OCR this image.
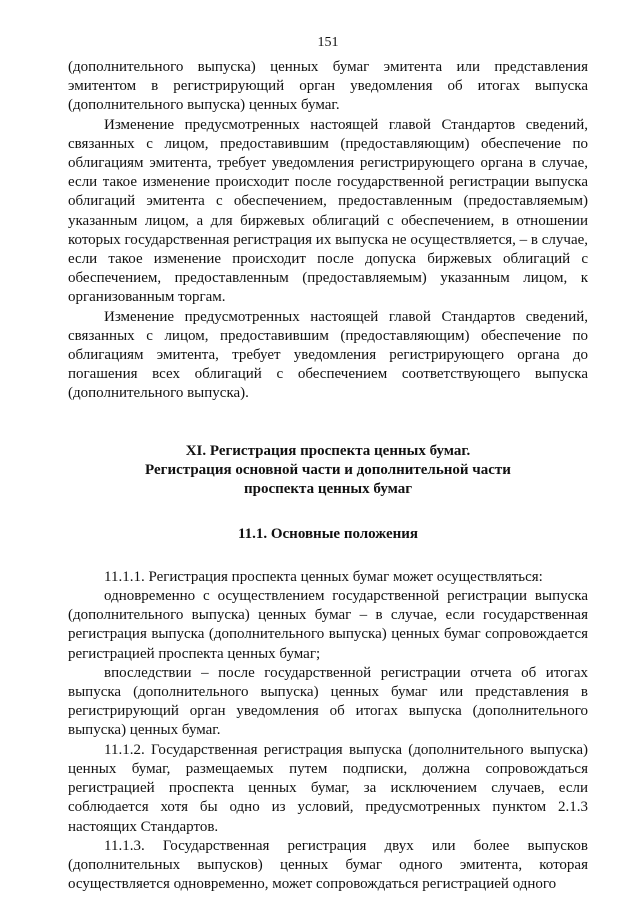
151

(дополнительного выпуска) ценных бумаг эмитента или представления эмитентом в регистрирующий орган уведомления об итогах выпуска (дополнительного выпуска) ценных бумаг.

Изменение предусмотренных настоящей главой Стандартов сведений, связанных с лицом, предоставившим (предоставляющим) обеспечение по облигациям эмитента, требует уведомления регистрирующего органа в случае, если такое изменение происходит после государственной регистрации выпуска облигаций эмитента с обеспечением, предоставленным (предоставляемым) указанным лицом, а для биржевых облигаций с обеспечением, в отношении которых государственная регистрация их выпуска не осуществляется, – в случае, если такое изменение происходит после допуска биржевых облигаций с обеспечением, предоставленным (предоставляемым) указанным лицом, к организованным торгам.

Изменение предусмотренных настоящей главой Стандартов сведений, связанных с лицом, предоставившим (предоставляющим) обеспечение по облигациям эмитента, требует уведомления регистрирующего органа до погашения всех облигаций с обеспечением соответствующего выпуска (дополнительного выпуска).

XI. Регистрация проспекта ценных бумаг.

Регистрация основной части и дополнительной части

проспекта ценных бумаг

11.1. Основные положения

11.1.1. Регистрация проспекта ценных бумаг может осуществляться:

одновременно с осуществлением государственной регистрации выпуска (дополнительного выпуска) ценных бумаг – в случае, если государственная регистрация выпуска (дополнительного выпуска) ценных бумаг сопровождается регистрацией проспекта ценных бумаг;

впоследствии – после государственной регистрации отчета об итогах выпуска (дополнительного выпуска) ценных бумаг или представления в регистрирующий орган уведомления об итогах выпуска (дополнительного выпуска) ценных бумаг.

11.1.2. Государственная регистрация выпуска (дополнительного выпуска) ценных бумаг, размещаемых путем подписки, должна сопровождаться регистрацией проспекта ценных бумаг, за исключением случаев, если соблюдается хотя бы одно из условий, предусмотренных пунктом 2.1.3 настоящих Стандартов.

11.1.3. Государственная регистрация двух или более выпусков (дополнительных выпусков) ценных бумаг одного эмитента, которая осуществляется одновременно, может сопровождаться регистрацией одного
